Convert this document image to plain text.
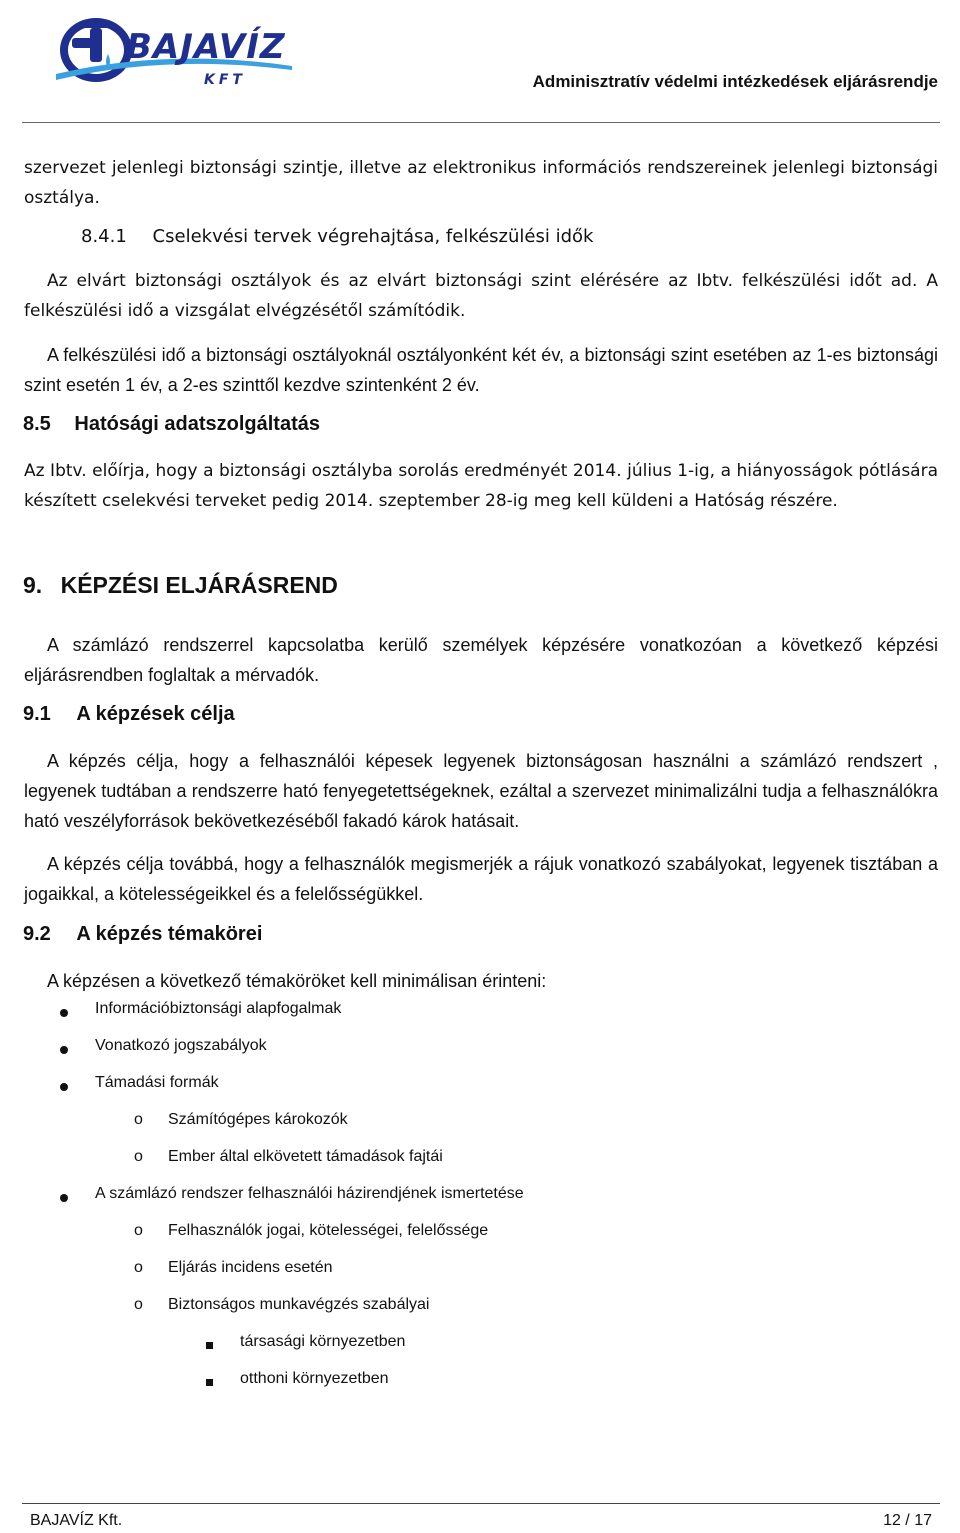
BAJAVÍZ
KFT	Adminisztratív védelmi intézkedések eljárásrendje
szervezet jelenlegi biztonsági szintje, illetve az elektronikus információs rendszereinek jelenlegi biztonsági osztálya.
8.4.1 Cselekvési tervek végrehajtása, felkészülési idők
Az elvárt biztonsági osztályok és az elvárt biztonsági szint elérésére az Ibtv. felkészülési időt ad. A felkészülési idő a vizsgálat elvégzésétől számítódik.
A felkészülési idő a biztonsági osztályoknál osztályonként két év, a biztonsági szint esetében az 1-es biztonsági szint esetén 1 év, a 2-es szinttől kezdve szintenként 2 év.
8.5 Hatósági adatszolgáltatás
Az Ibtv. előírja, hogy a biztonsági osztályba sorolás eredményét 2014. július 1-ig, a hiányosságok pótlására készített cselekvési terveket pedig 2014. szeptember 28-ig meg kell küldeni a Hatóság részére.
9. KÉPZÉSI ELJÁRÁSREND
A számlázó rendszerrel kapcsolatba kerülő személyek képzésére vonatkozóan a következő képzési eljárásrendben foglaltak a mérvadók.
9.1 A képzések célja
A képzés célja, hogy a felhasználói képesek legyenek biztonságosan használni a számlázó rendszert , legyenek tudtában a rendszerre ható fenyegetettségeknek, ezáltal a szervezet minimalizálni tudja a felhasználókra ható veszélyforrások bekövetkezéséből fakadó károk hatásait.
A képzés célja továbbá, hogy a felhasználók megismerjék a rájuk vonatkozó szabályokat, legyenek tisztában a jogaikkal, a kötelességeikkel és a felelősségükkel.
9.2 A képzés témakörei
A képzésen a következő témaköröket kell minimálisan érinteni:
Információbiztonsági alapfogalmak
Vonatkozó jogszabályok
Támadási formák
o Számítógépes károkozók
o Ember által elkövetett támadások fajtái
A számlázó rendszer felhasználói házirendjének ismertetése
o Felhasználók jogai, kötelességei, felelőssége
o Eljárás incidens esetén
o Biztonságos munkavégzés szabályai
társasági környezetben
otthoni környezetben
BAJAVÍZ Kft.	12 / 17
